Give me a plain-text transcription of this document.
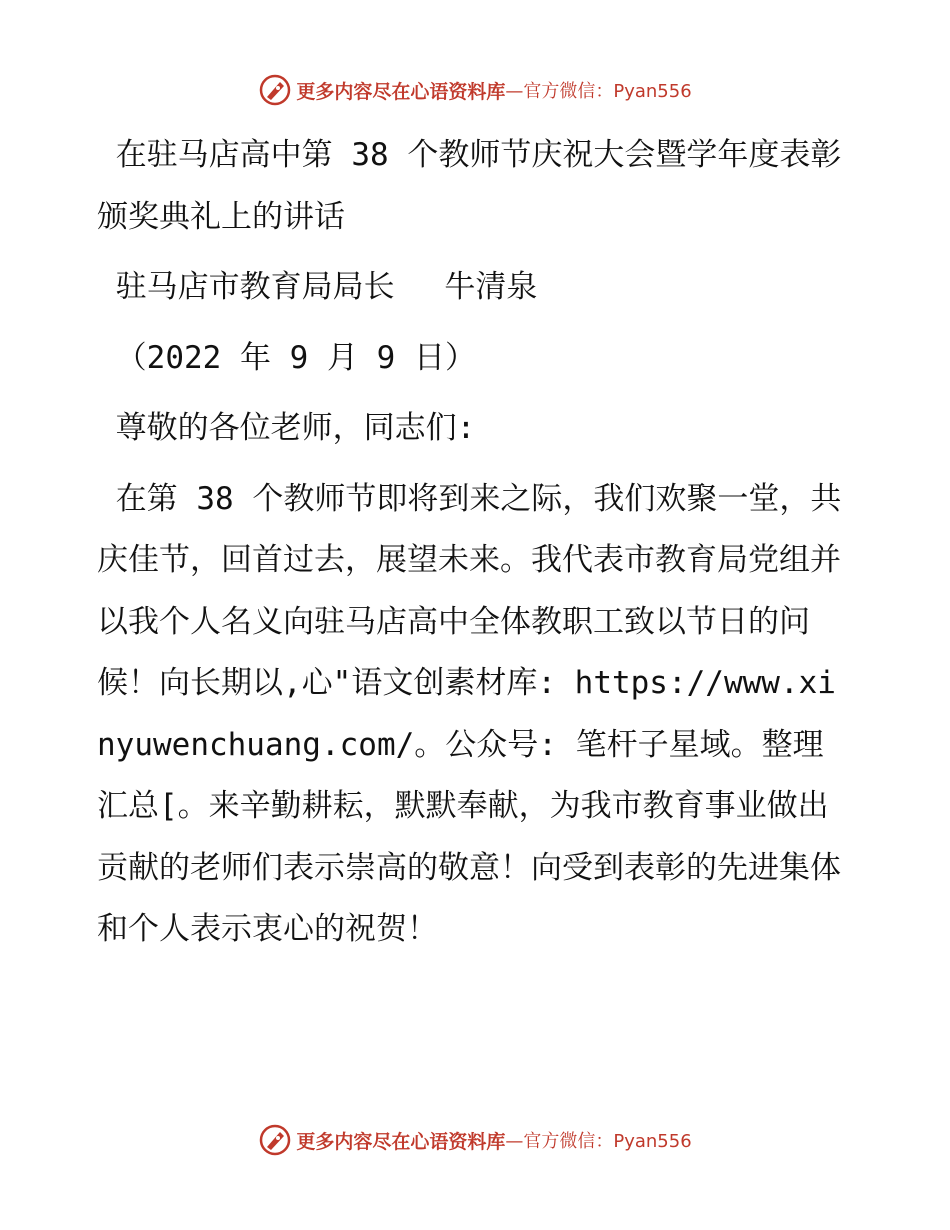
更多内容尽在心语资料库 —官方微信：Pyan556

在驻马店高中第 38 个教师节庆祝大会暨学年度表彰颁奖典礼上的讲话

驻马店市教育局局长　 牛清泉

（2022 年 9 月 9 日）

尊敬的各位老师，同志们:

在第 38 个教师节即将到来之际，我们欢聚一堂，共庆佳节，回首过去，展望未来。我代表市教育局党组并以我个人名义向驻马店高中全体教职工致以节日的问候！向长期以,心"语文创素材库: https://www.xinyuwenchuang.com/。公众号: 笔杆子星域。整理汇总[。来辛勤耕耘，默默奉献，为我市教育事业做出贡献的老师们表示崇高的敬意！向受到表彰的先进集体和个人表示衷心的祝贺！

更多内容尽在心语资料库 —官方微信：Pyan556
